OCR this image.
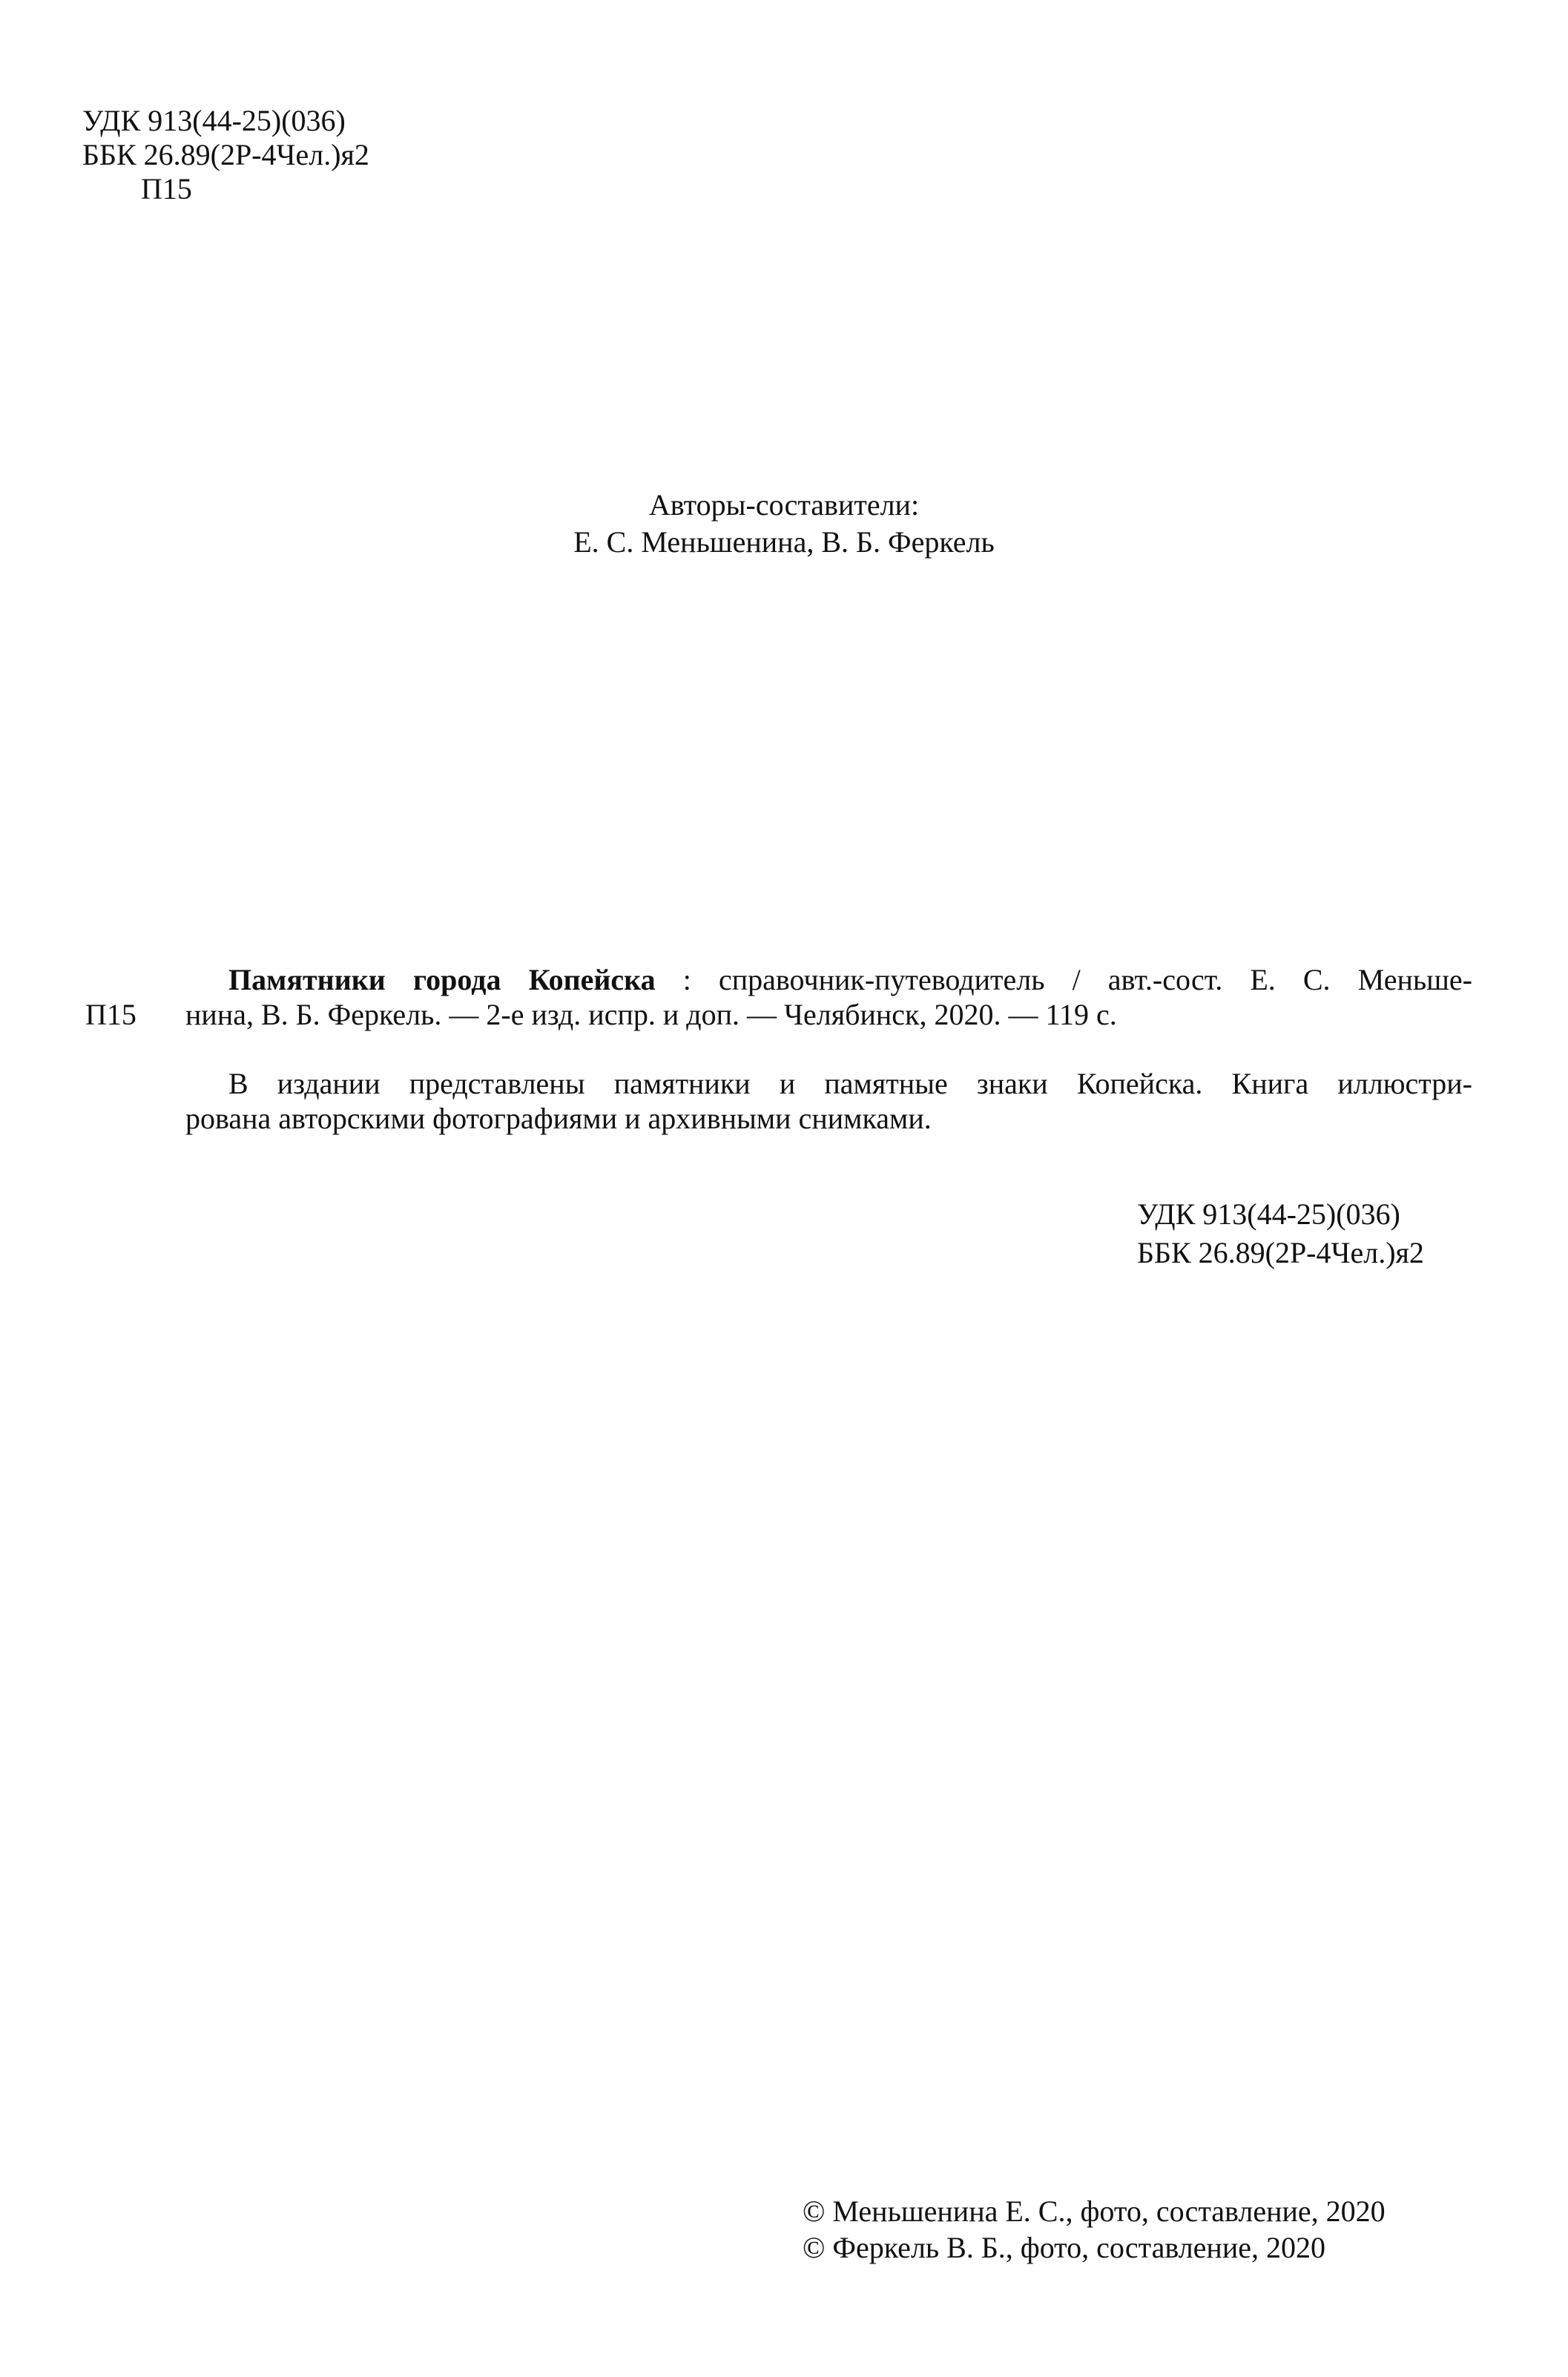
УДК 913(44-25)(036)
ББК 26.89(2Р-4Чел.)я2
П15
Авторы-составители:
Е. С. Меньшенина, В. Б. Феркель
П15
Памятники города Копейска : справочник-путеводитель / авт.-сост. Е. С. Меньше-
нина, В. Б. Феркель. — 2-е изд. испр. и доп. — Челябинск, 2020. — 119 с.
В издании представлены памятники и памятные знаки Копейска. Книга иллюстри-
рована авторскими фотографиями и архивными снимками.
УДК 913(44-25)(036)
ББК 26.89(2Р-4Чел.)я2
© Меньшенина Е. С., фото, составление, 2020
© Феркель В. Б., фото, составление, 2020
